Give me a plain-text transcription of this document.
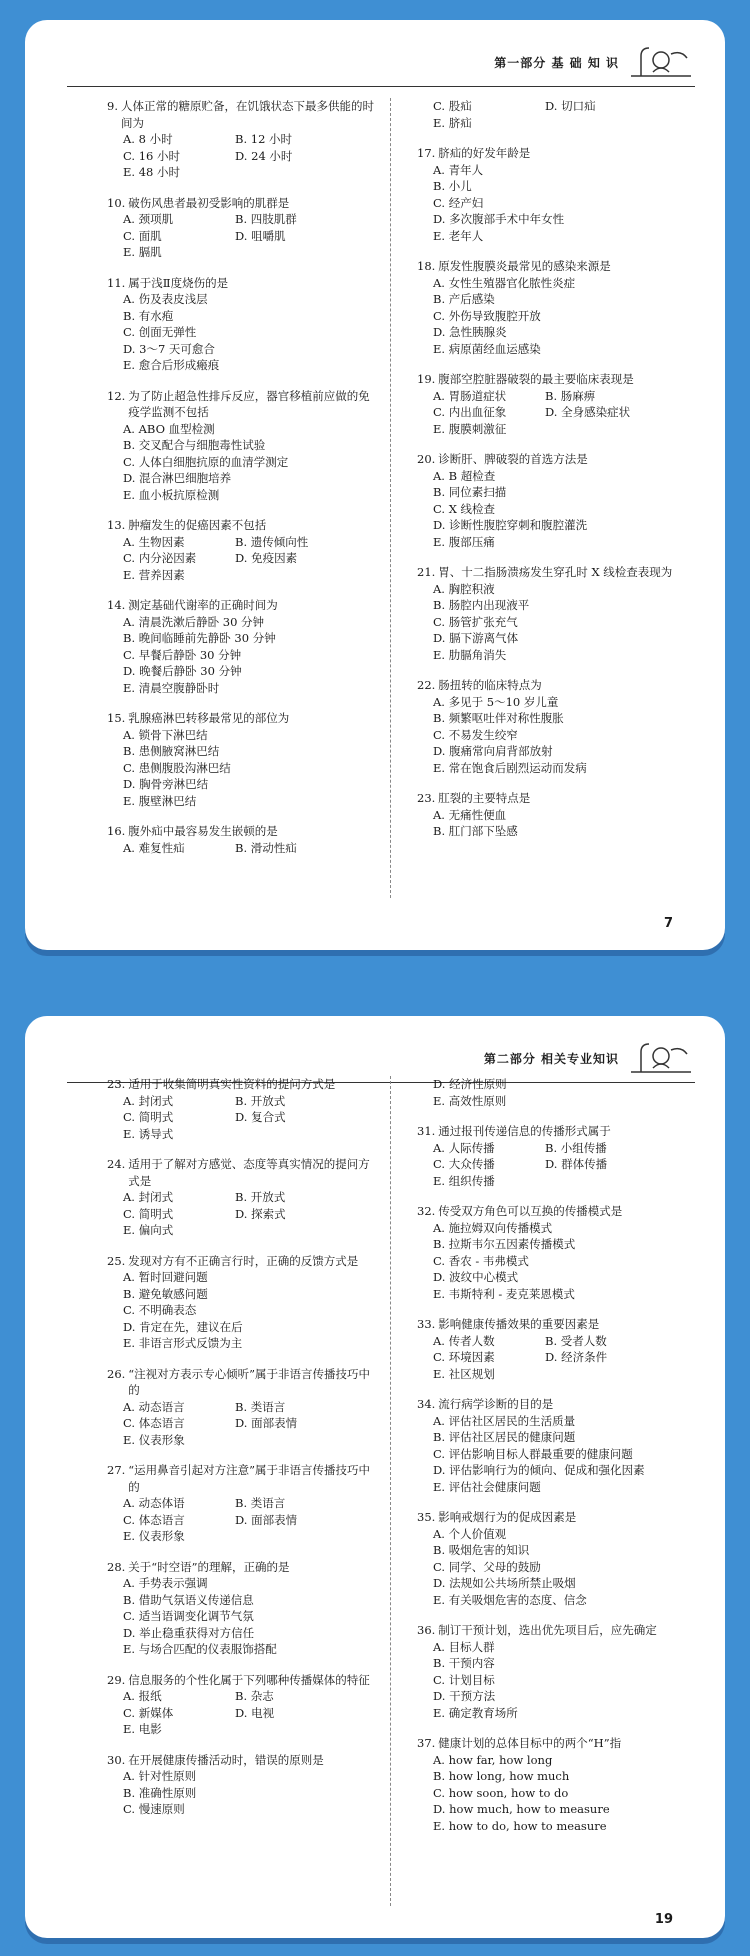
第一部分 基 础 知 识
9. 人体正常的糖原贮备，在饥饿状态下最多供能的时间为
A. 8 小时	B. 12 小时
C. 16 小时	D. 24 小时
E. 48 小时
10. 破伤风患者最初受影响的肌群是
A. 颈项肌	B. 四肢肌群
C. 面肌	D. 咀嚼肌
E. 膈肌
11. 属于浅Ⅱ度烧伤的是
A. 伤及表皮浅层
B. 有水疱
C. 创面无弹性
D. 3～7 天可愈合
E. 愈合后形成瘢痕
12. 为了防止超急性排斥反应，器官移植前应做的免疫学监测不包括
A. ABO 血型检测
B. 交叉配合与细胞毒性试验
C. 人体白细胞抗原的血清学测定
D. 混合淋巴细胞培养
E. 血小板抗原检测
13. 肿瘤发生的促癌因素不包括
A. 生物因素	B. 遗传倾向性
C. 内分泌因素	D. 免疫因素
E. 营养因素
14. 测定基础代谢率的正确时间为
A. 清晨洗漱后静卧 30 分钟
B. 晚间临睡前先静卧 30 分钟
C. 早餐后静卧 30 分钟
D. 晚餐后静卧 30 分钟
E. 清晨空腹静卧时
15. 乳腺癌淋巴转移最常见的部位为
A. 锁骨下淋巴结
B. 患侧腋窝淋巴结
C. 患侧腹股沟淋巴结
D. 胸骨旁淋巴结
E. 腹壁淋巴结
16. 腹外疝中最容易发生嵌顿的是
A. 难复性疝	B. 滑动性疝
C. 股疝	D. 切口疝
E. 脐疝
17. 脐疝的好发年龄是
A. 青年人
B. 小儿
C. 经产妇
D. 多次腹部手术中年女性
E. 老年人
18. 原发性腹膜炎最常见的感染来源是
A. 女性生殖器官化脓性炎症
B. 产后感染
C. 外伤导致腹腔开放
D. 急性胰腺炎
E. 病原菌经血运感染
19. 腹部空腔脏器破裂的最主要临床表现是
A. 胃肠道症状	B. 肠麻痹
C. 内出血征象	D. 全身感染症状
E. 腹膜刺激征
20. 诊断肝、脾破裂的首选方法是
A. B 超检查
B. 同位素扫描
C. X 线检查
D. 诊断性腹腔穿刺和腹腔灌洗
E. 腹部压痛
21. 胃、十二指肠溃疡发生穿孔时 X 线检查表现为
A. 胸腔积液
B. 肠腔内出现液平
C. 肠管扩张充气
D. 膈下游离气体
E. 肋膈角消失
22. 肠扭转的临床特点为
A. 多见于 5～10 岁儿童
B. 频繁呕吐伴对称性腹胀
C. 不易发生绞窄
D. 腹痛常向肩背部放射
E. 常在饱食后剧烈运动而发病
23. 肛裂的主要特点是
A. 无痛性便血
B. 肛门部下坠感
7
第二部分 相关专业知识
23. 适用于收集简明真实性资料的提问方式是
A. 封闭式	B. 开放式
C. 简明式	D. 复合式
E. 诱导式
24. 适用于了解对方感觉、态度等真实情况的提问方式是
A. 封闭式	B. 开放式
C. 简明式	D. 探索式
E. 偏向式
25. 发现对方有不正确言行时，正确的反馈方式是
A. 暂时回避问题
B. 避免敏感问题
C. 不明确表态
D. 肯定在先，建议在后
E. 非语言形式反馈为主
26. “注视对方表示专心倾听”属于非语言传播技巧中的
A. 动态语言	B. 类语言
C. 体态语言	D. 面部表情
E. 仪表形象
27. “运用鼻音引起对方注意”属于非语言传播技巧中的
A. 动态体语	B. 类语言
C. 体态语言	D. 面部表情
E. 仪表形象
28. 关于“时空语”的理解，正确的是
A. 手势表示强调
B. 借助气氛语义传递信息
C. 适当语调变化调节气氛
D. 举止稳重获得对方信任
E. 与场合匹配的仪表服饰搭配
29. 信息服务的个性化属于下列哪种传播媒体的特征
A. 报纸	B. 杂志
C. 新媒体	D. 电视
E. 电影
30. 在开展健康传播活动时，错误的原则是
A. 针对性原则
B. 准确性原则
C. 慢速原则
D. 经济性原则
E. 高效性原则
31. 通过报刊传递信息的传播形式属于
A. 人际传播	B. 小组传播
C. 大众传播	D. 群体传播
E. 组织传播
32. 传受双方角色可以互换的传播模式是
A. 施拉姆双向传播模式
B. 拉斯韦尔五因素传播模式
C. 香农 - 韦弗模式
D. 波纹中心模式
E. 韦斯特利 - 麦克莱恩模式
33. 影响健康传播效果的重要因素是
A. 传者人数	B. 受者人数
C. 环境因素	D. 经济条件
E. 社区规划
34. 流行病学诊断的目的是
A. 评估社区居民的生活质量
B. 评估社区居民的健康问题
C. 评估影响目标人群最重要的健康问题
D. 评估影响行为的倾向、促成和强化因素
E. 评估社会健康问题
35. 影响戒烟行为的促成因素是
A. 个人价值观
B. 吸烟危害的知识
C. 同学、父母的鼓励
D. 法规如公共场所禁止吸烟
E. 有关吸烟危害的态度、信念
36. 制订干预计划，选出优先项目后，应先确定
A. 目标人群
B. 干预内容
C. 计划目标
D. 干预方法
E. 确定教育场所
37. 健康计划的总体目标中的两个“H”指
A. how far, how long
B. how long, how much
C. how soon, how to do
D. how much, how to measure
E. how to do, how to measure
19
